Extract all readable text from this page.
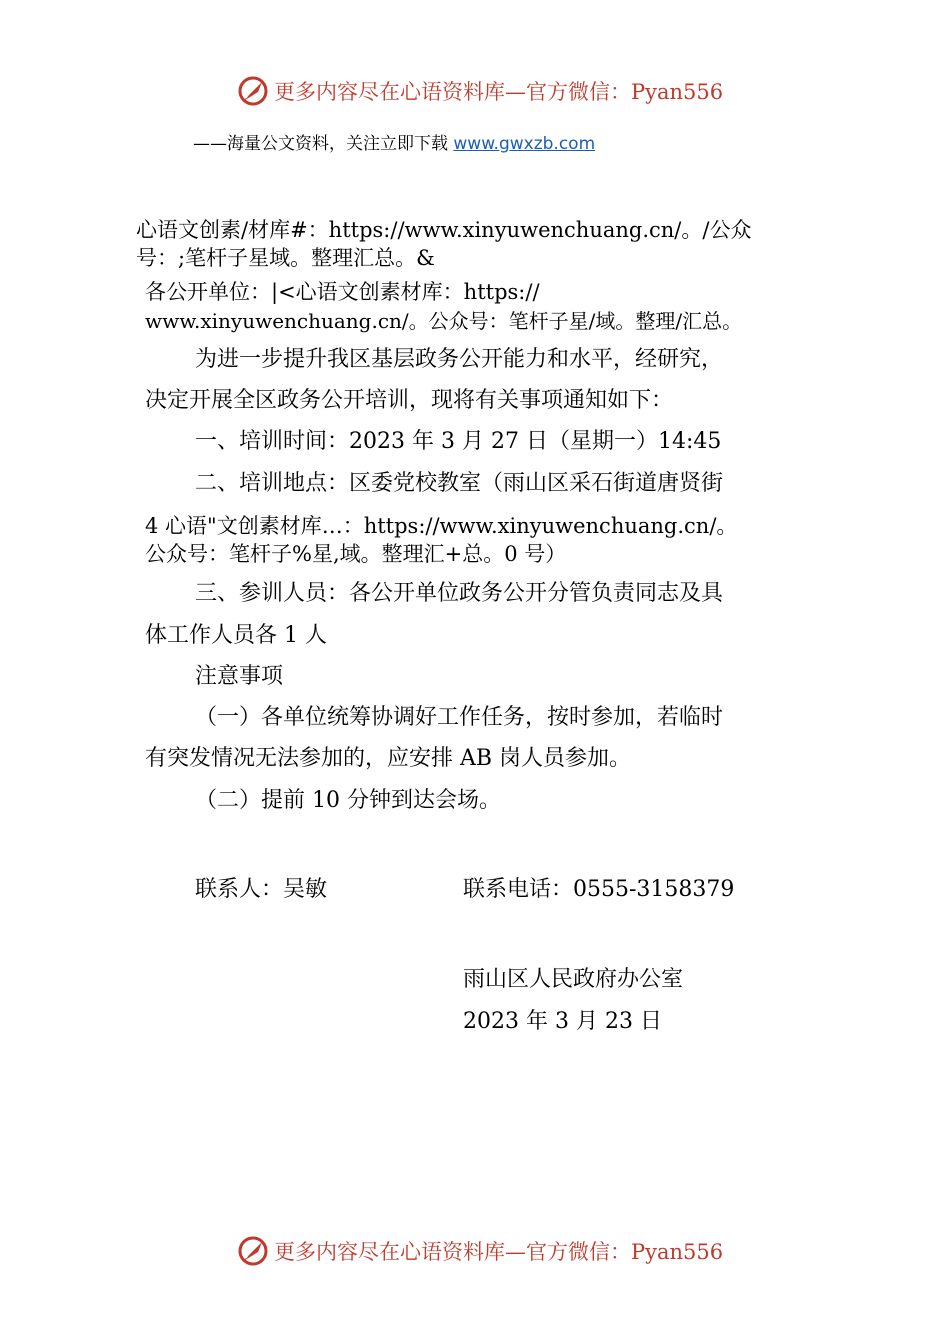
更多内容尽在心语资料库—官方微信：Pyan556
——海量公文资料，关注立即下载 www.gwxzb.com
心语文创素/材库#：https://www.xinyuwenchuang.cn/。/公众
号：;笔杆子星域。整理汇总。&
各公开单位：|<心语文创素材库：https://
www.xinyuwenchuang.cn/。公众号：笔杆子星/域。整理/汇总。
为进一步提升我区基层政务公开能力和水平，经研究，
决定开展全区政务公开培训，现将有关事项通知如下：
一、培训时间：2023 年 3 月 27 日（星期一）14:45
二、培训地点：区委党校教室（雨山区采石街道唐贤街
4 心语"文创素材库…：https://www.xinyuwenchuang.cn/。
公众号：笔杆子%星,域。整理汇+总。0 号）
三、参训人员：各公开单位政务公开分管负责同志及具
体工作人员各 1 人
注意事项
（一）各单位统筹协调好工作任务，按时参加，若临时
有突发情况无法参加的，应安排 AB 岗人员参加。
（二）提前 10 分钟到达会场。
联系人：吴敏	联系电话：0555-3158379
雨山区人民政府办公室
2023 年 3 月 23 日
更多内容尽在心语资料库—官方微信：Pyan556
